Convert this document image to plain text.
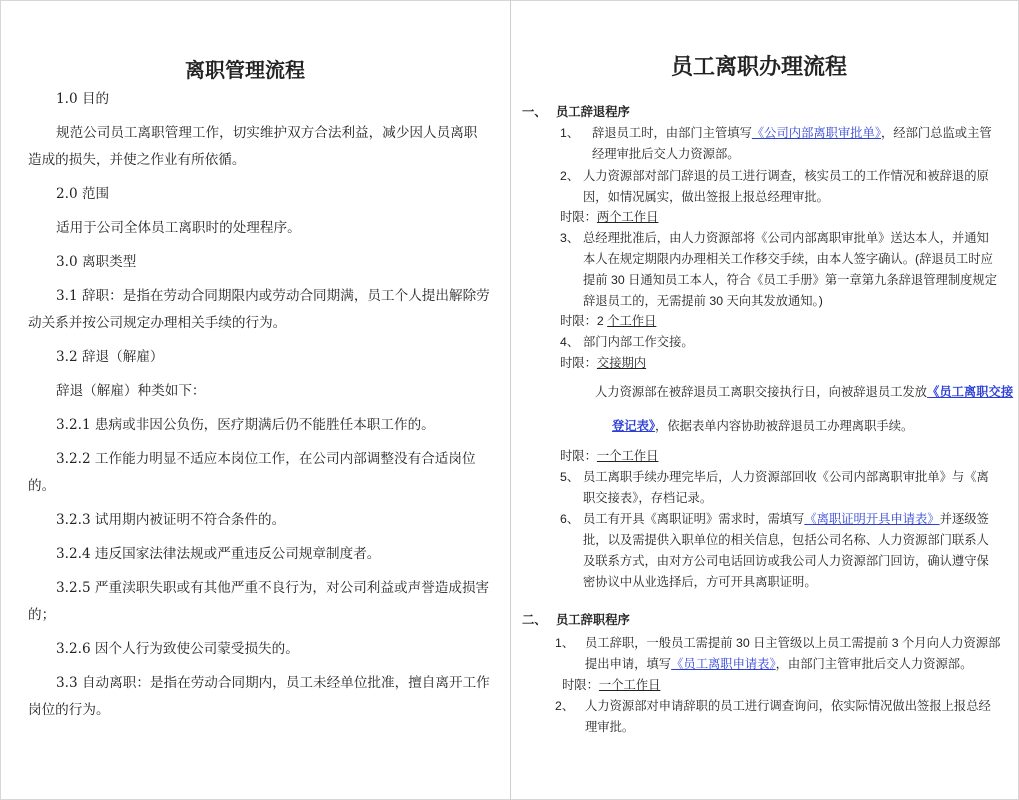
离职管理流程

1.0 目的

规范公司员工离职管理工作，切实维护双方合法利益，减少因人员离职造成的损失，并使之作业有所依循。

2.0 范围

适用于公司全体员工离职时的处理程序。

3.0 离职类型

3.1 辞职：是指在劳动合同期限内或劳动合同期满，员工个人提出解除劳动关系并按公司规定办理相关手续的行为。

3.2 辞退（解雇）

辞退（解雇）种类如下：

3.2.1 患病或非因公负伤，医疗期满后仍不能胜任本职工作的。

3.2.2 工作能力明显不适应本岗位工作，在公司内部调整没有合适岗位的。

3.2.3 试用期内被证明不符合条件的。

3.2.4 违反国家法律法规或严重违反公司规章制度者。

3.2.5 严重渎职失职或有其他严重不良行为，对公司利益或声誉造成损害的；

3.2.6 因个人行为致使公司蒙受损失的。

3.3 自动离职：是指在劳动合同期内，员工未经单位批准，擅自离开工作岗位的行为。

员工离职办理流程
一、 员工辞退程序
1、 辞退员工时，由部门主管填写《公司内部离职审批单》，经部门总监或主管经理审批后交人力资源部。
2、 人力资源部对部门辞退的员工进行调查，核实员工的工作情况和被辞退的原因，如情况属实，做出签报上报总经理审批。
时限：两个工作日
3、 总经理批准后，由人力资源部将《公司内部离职审批单》送达本人，并通知本人在规定期限内办理相关工作移交手续，由本人签字确认。(辞退员工时应提前 30 日通知员工本人，符合《员工手册》第一章第九条辞退管理制度规定辞退员工的，无需提前 30 天向其发放通知。)
时限：2 个工作日
4、 部门内部工作交接。
时限：交接期内
人力资源部在被辞退员工离职交接执行日，向被辞退员工发放《员工离职交接
登记表》，依据表单内容协助被辞退员工办理离职手续。
时限：一个工作日
5、 员工离职手续办理完毕后，人力资源部回收《公司内部离职审批单》与《离职交接表》，存档记录。
6、 员工有开具《离职证明》需求时，需填写《离职证明开具申请表》并逐级签批，以及需提供入职单位的相关信息，包括公司名称、人力资源部门联系人及联系方式，由对方公司电话回访或我公司人力资源部门回访，确认遵守保密协议中从业选择后，方可开具离职证明。
二、 员工辞职程序
1、 员工辞职，一般员工需提前 30 日主管级以上员工需提前 3 个月向人力资源部提出申请，填写《员工离职申请表》，由部门主管审批后交人力资源部。
时限：一个工作日
2、 人力资源部对申请辞职的员工进行调查询问，依实际情况做出签报上报总经理审批。
